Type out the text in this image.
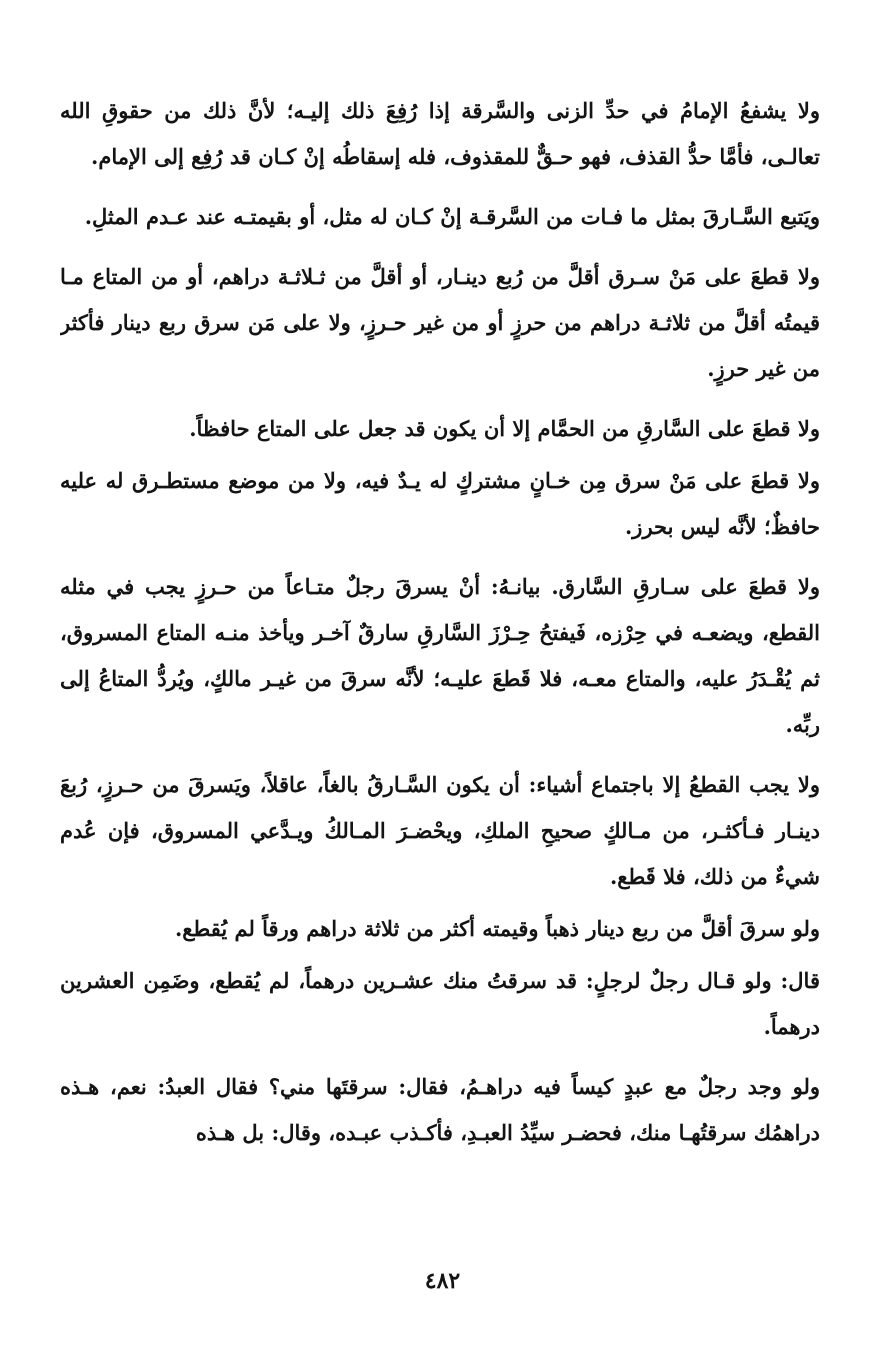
ولا يشفعُ الإمامُ في حدِّ الزنى والسَّرقة إذا رُفِعَ ذلك إليـه؛ لأنَّ ذلك من حقوقِ الله تعالـى، فأمَّا حدُّ القذف، فهو حـقٌّ للمقذوف، فله إسقاطُه إنْ كـان قد رُفِع إلى الإمام.

ويَتبع السَّـارقَ بمثل ما فـات من السَّرقـة إنْ كـان له مثل، أو بقيمتـه عند عـدم المثلِ.

ولا قطعَ على مَنْ سـرق أقلَّ من رُبع دينـار، أو أقلَّ من ثـلاثـة دراهم، أو من المتاع مـا قيمتُه أقلَّ من ثلاثـة دراهم من حرزٍ أو من غير حـرزٍ، ولا على مَن سرق ربع دينار فأكثر من غير حرزٍ.

ولا قطعَ على السَّارقِ من الحمَّام إلا أن يكون قد جعل على المتاع حافظاً.

ولا قطعَ على مَنْ سرق مِن خـانٍ مشتركٍ له يـدٌ فيه، ولا من موضع مستطـرق له عليه حافظٌ؛ لأنَّه ليس بحرز.

ولا قطعَ على سـارقِ السَّارق. بيانـهُ: أنْ يسرقَ رجلٌ متـاعاً من حـرزٍ يجب في مثله القطع، ويضعـه في حِرْزه، فَيفتحُ حِـرْزَ السَّارقِ سارقٌ آخـر ويأخذ منـه المتاع المسروق، ثم يُقْـدَرُ عليه، والمتاع معـه، فلا قَطعَ عليـه؛ لأنَّه سرقَ من غيـر مالكٍ، ويُردُّ المتاعُ إلى ربِّه.

ولا يجب القطعُ إلا باجتماع أشياء: أن يكون السَّـارقُ بالغاً، عاقلاً، ويَسرقَ من حـرزٍ، رُبعَ دينـار فـأكثـر، من مـالكٍ صحيحِ الملكِ، ويحْضـرَ المـالكُ ويـدَّعي المسروق، فإن عُدم شيءٌ من ذلك، فلا قَطع.

ولو سرقَ أقلَّ من ربع دينار ذهباً وقيمته أكثر من ثلاثة دراهم ورقاً لم يُقطع.

قال: ولو قـال رجلٌ لرجلٍ: قد سرقتُ منك عشـرين درهماً، لم يُقطع، وضَمِن العشرين درهماً.

ولو وجد رجلٌ مع عبدٍ كيساً فيه دراهـمُ، فقال: سرقتَها مني؟ فقال العبدُ: نعم، هـذه دراهمُك سرقتُهـا منك، فحضـر سيِّدُ العبـدِ، فأكـذب عبـده، وقال: بل هـذه

٤٨٢
